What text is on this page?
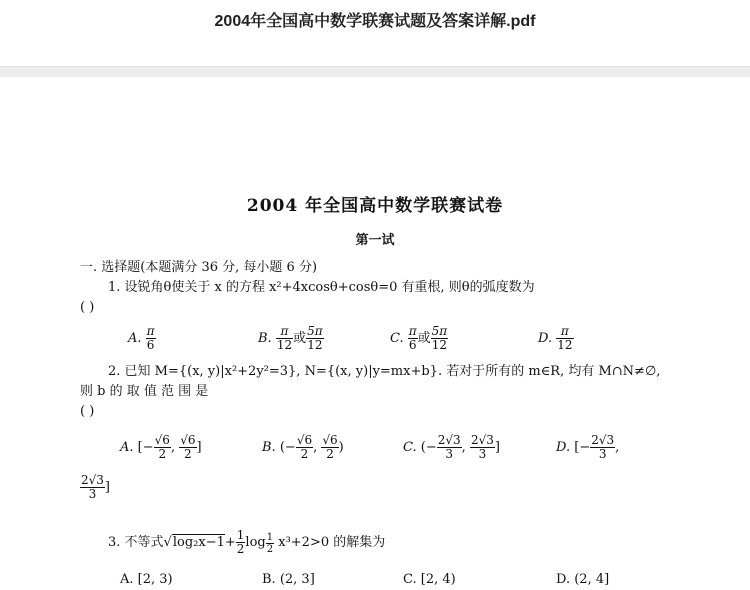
2004年全国高中数学联赛试题及答案详解.pdf
2004 年全国高中数学联赛试卷
第一试
一. 选择题(本题满分 36 分, 每小题 6 分)
1. 设锐角θ使关于 x 的方程 x²+4xcosθ+cosθ=0 有重根, 则θ的弧度数为
( )
A. $\frac{\pi}{6}$	B. $\frac{\pi}{12}$ 或 $\frac{5\pi}{12}$	C. $\frac{\pi}{6}$ 或 $\frac{5\pi}{12}$	D. $\frac{\pi}{12}$
2. 已知 M={(x, y)|x²+2y²=3}, N={(x, y)|y=mx+b}. 若对于所有的 m∈R, 均有 M∩N≠∅,
则 b 的 取 值 范 围 是
( )
A. [− $\frac{√6}{2}$ , $\frac{√6}{2}$ ]	B. (− $\frac{√6}{2}$ , $\frac{√6}{2}$ )	C. (− $\frac{2√3}{3}$ , $\frac{2√3}{3}$ ]	D. [− $\frac{2√3}{3}$ ,
$\frac{2√3}{3}$ ]
3. 不等式$√\log_2x-1+ \frac{1}{2}$ $\log \frac{1}{2} x^3+2>0$ 的解集为
A. [2, 3)	B. (2, 3]	C. [2, 4)	D. (2, 4]
